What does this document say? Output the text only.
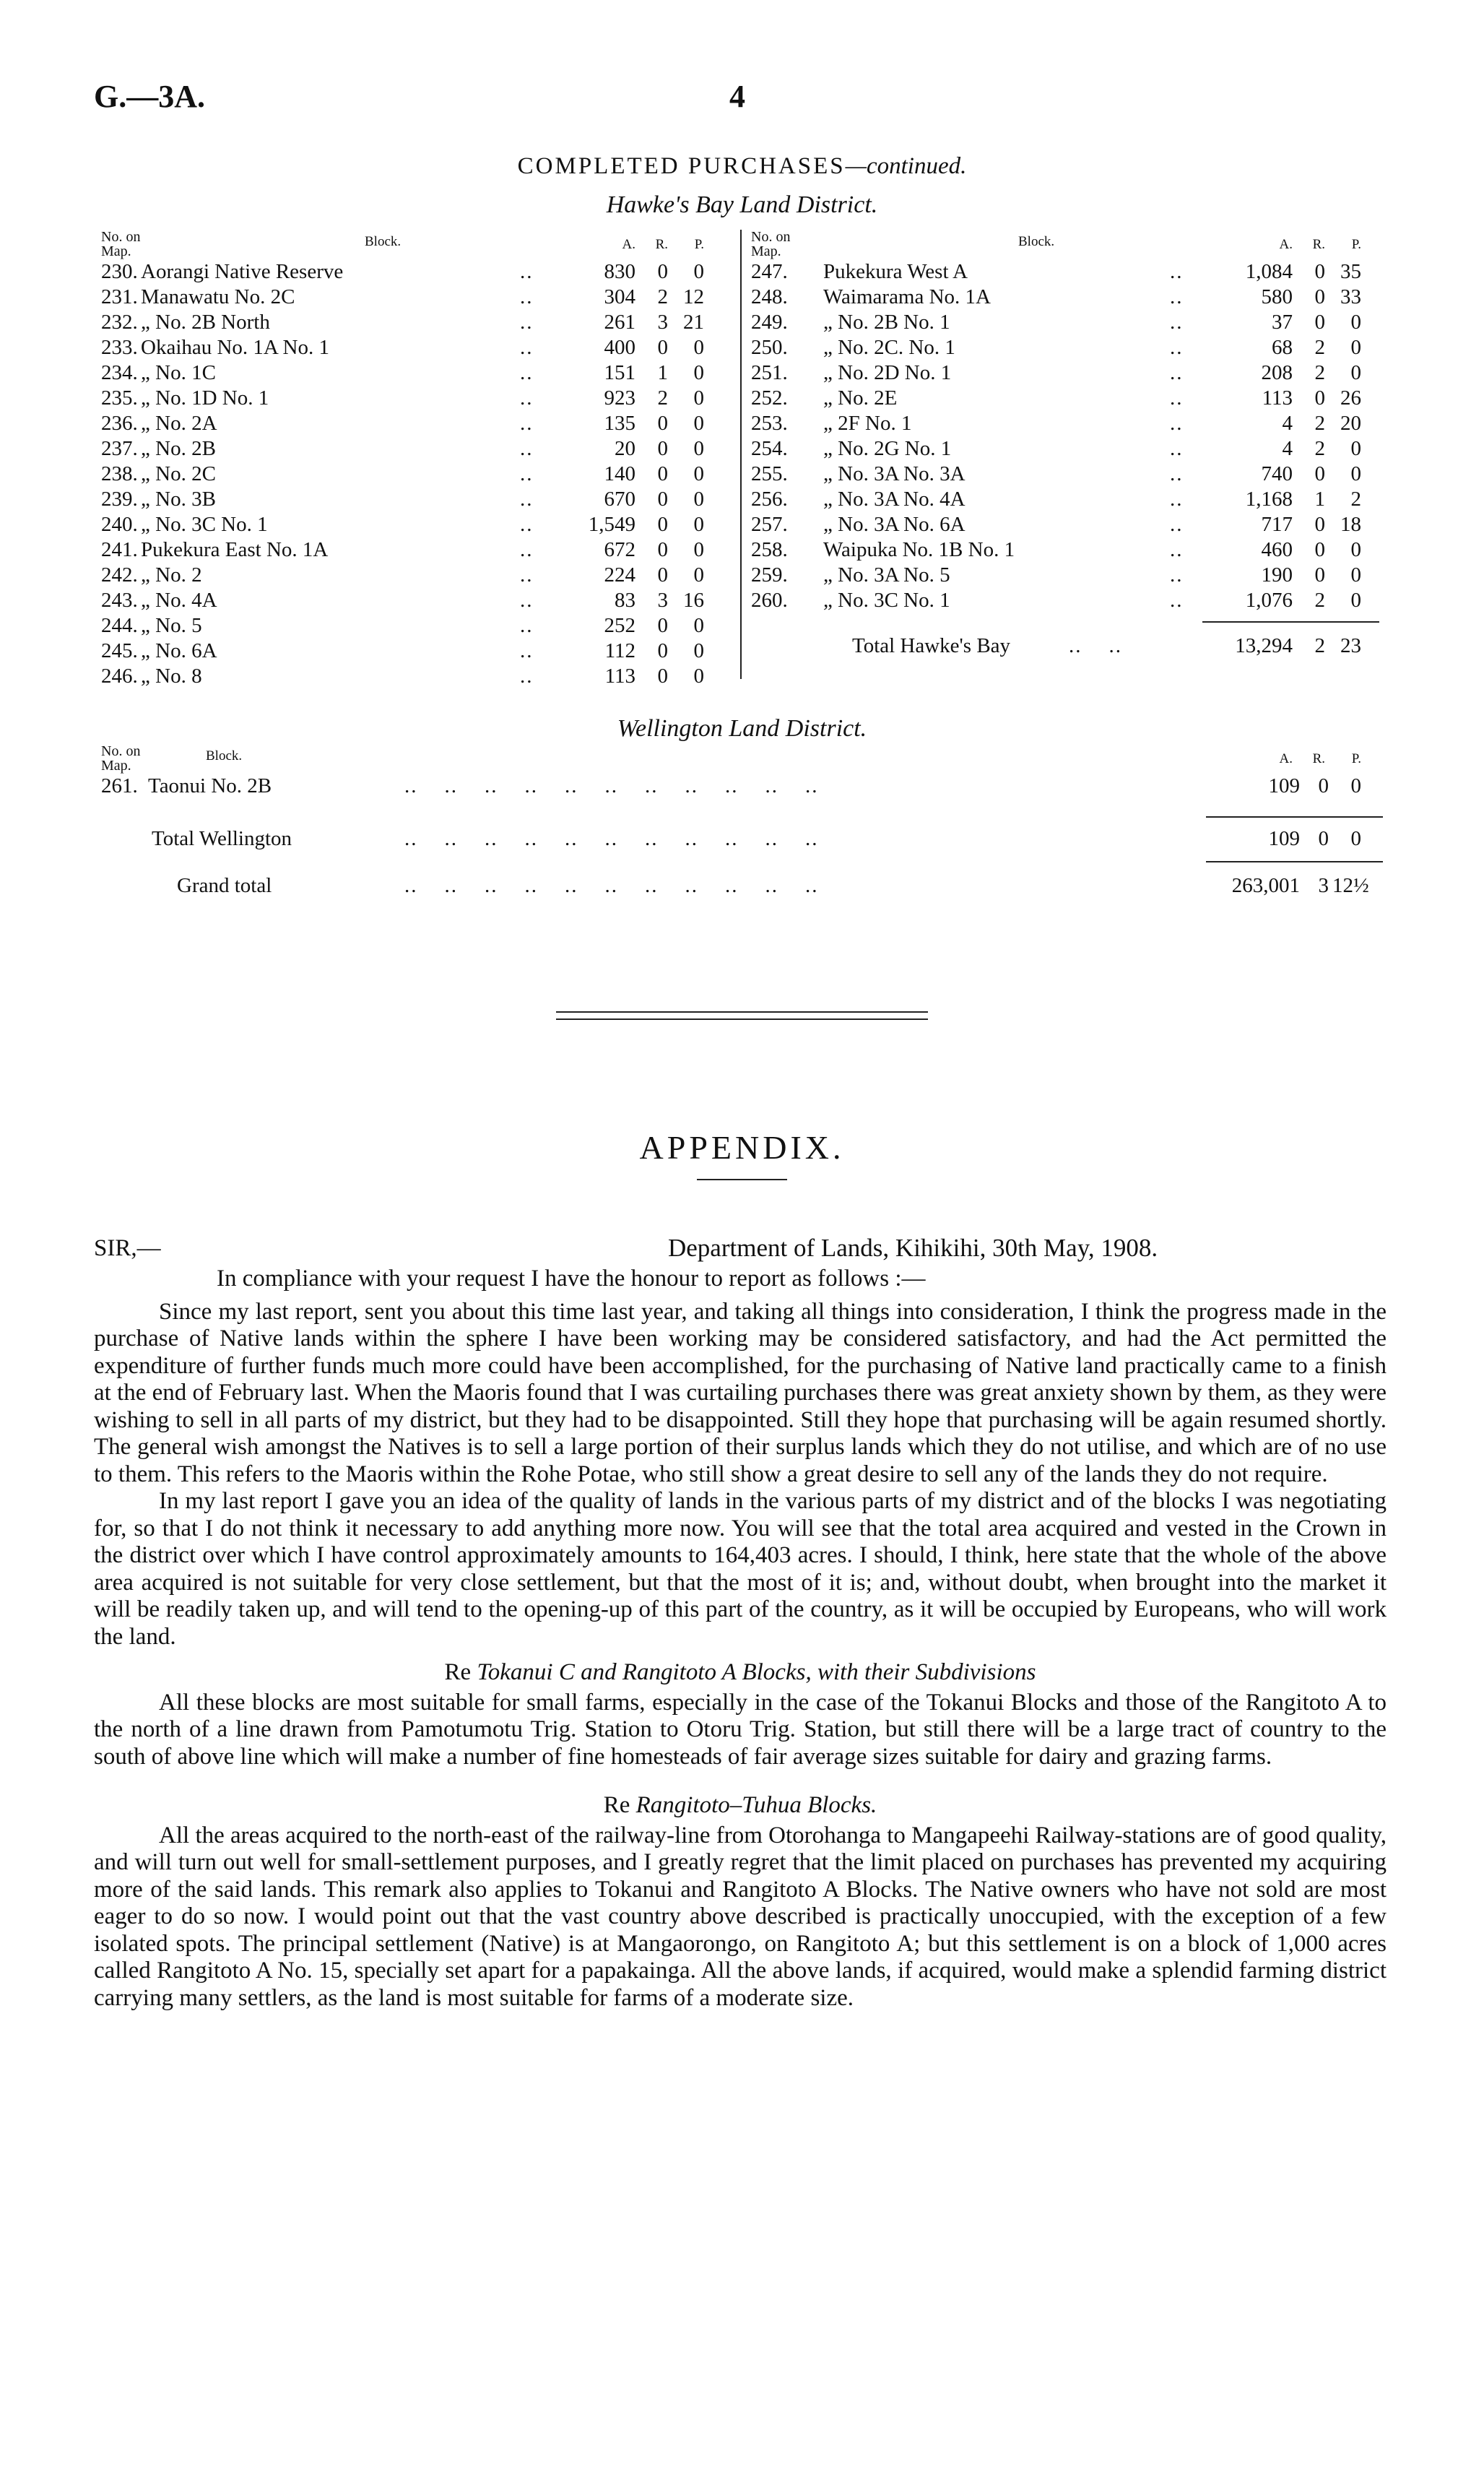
G.—3A.	4
COMPLETED PURCHASES—continued.
Hawke's Bay Land District.
No. on
Map.
Block.	A.	R.	P.
230. Aorangi Native Reserve	830	0	0
..
231. Manawatu No. 2C	304	2 12
..
232. „ No. 2B North	261	3 21
..
233. Okaihau No. 1A No. 1	400	0	0
..
234. „ No. 1C	151	1	0
..
235. „ No. 1D No. 1	923	2	0
..
236. „ No. 2A	135	0	0
..
237. „ No. 2B	20	0	0
..
238. „ No. 2C	140	0	0
..
239. „ No. 3B	670	0	0
..
240. „ No. 3C No. 1	1,549	0	0
..
241. Pukekura East No. 1A	672	0	0
..
242. „ No. 2	224	0	0
..
243. „ No. 4A	83	3 16
..
244. „ No. 5	252	0	0
..
245. „ No. 6A	112	0	0
..
246. „ No. 8	113	0	0
..
No. on
Map.
Block.	A.	R.	P.
247. Pukekura West A	1,084	0 35
..
248. Waimarama No. 1A	580	0 33
..
249. „ No. 2B No. 1	37	0	0
..
250. „ No. 2C. No. 1	68	2	0
..
251. „ No. 2D No. 1	208	2	0
..
252. „ No. 2E	113	0 26
..
253. „ 2F No. 1	4	2 20
..
254. „ No. 2G No. 1	4	2	0
..
255. „ No. 3A No. 3A	740	0	0
..
256. „ No. 3A No. 4A	1,168	1	2
..
257. „ No. 3A No. 6A	717	0 18
..
258. Waipuka No. 1B No. 1	460	0	0
..
259. „ No. 3A No. 5	190	0	0
..
260. „ No. 3C No. 1	1,076	2	0
..
Total Hawke's Bay	..    ..	13,294	2 23
Wellington Land District.
No. on
Map.
Block.	A.	R.	P.
261. Taonui No. 2B	..    ..    ..    ..    ..    ..    ..    ..    ..    ..    ..	109 0	0
Total Wellington	..    ..    ..    ..    ..    ..    ..    ..    ..    ..    ..	109 0	0
Grand total	..    ..    ..    ..    ..    ..    ..    ..    ..    ..    ..	263,001 3 12½
APPENDIX.
SIR,—	Department of Lands, Kihikihi, 30th May, 1908.

In compliance with your request I have the honour to report as follows :—

Since my last report, sent you about this time last year, and taking all things into consideration, I think the progress made in the purchase of Native lands within the sphere I have been working may be considered satisfactory, and had the Act permitted the expenditure of further funds much more could have been accomplished, for the purchasing of Native land practically came to a finish at the end of February last. When the Maoris found that I was curtailing purchases there was great anxiety shown by them, as they were wishing to sell in all parts of my district, but they had to be disappointed. Still they hope that purchasing will be again resumed shortly. The general wish amongst the Natives is to sell a large portion of their surplus lands which they do not utilise, and which are of no use to them. This refers to the Maoris within the Rohe Potae, who still show a great desire to sell any of the lands they do not require.

In my last report I gave you an idea of the quality of lands in the various parts of my district and of the blocks I was negotiating for, so that I do not think it necessary to add anything more now. You will see that the total area acquired and vested in the Crown in the district over which I have control approximately amounts to 164,403 acres. I should, I think, here state that the whole of the above area acquired is not suitable for very close settlement, but that the most of it is; and, without doubt, when brought into the market it will be readily taken up, and will tend to the opening-up of this part of the country, as it will be occupied by Europeans, who will work the land.

Re Tokanui C and Rangitoto A Blocks, with their Subdivisions

All these blocks are most suitable for small farms, especially in the case of the Tokanui Blocks and those of the Rangitoto A to the north of a line drawn from Pamotumotu Trig. Station to Otoru Trig. Station, but still there will be a large tract of country to the south of above line which will make a number of fine homesteads of fair average sizes suitable for dairy and grazing farms.

Re Rangitoto–Tuhua Blocks.

All the areas acquired to the north-east of the railway-line from Otorohanga to Mangapeehi Railway-stations are of good quality, and will turn out well for small-settlement purposes, and I greatly regret that the limit placed on purchases has prevented my acquiring more of the said lands. This remark also applies to Tokanui and Rangitoto A Blocks. The Native owners who have not sold are most eager to do so now. I would point out that the vast country above described is practically unoccupied, with the exception of a few isolated spots. The principal settlement (Native) is at Mangaorongo, on Rangitoto A; but this settlement is on a block of 1,000 acres called Rangitoto A No. 15, specially set apart for a papakainga. All the above lands, if acquired, would make a splendid farming district carrying many settlers, as the land is most suitable for farms of a moderate size.
